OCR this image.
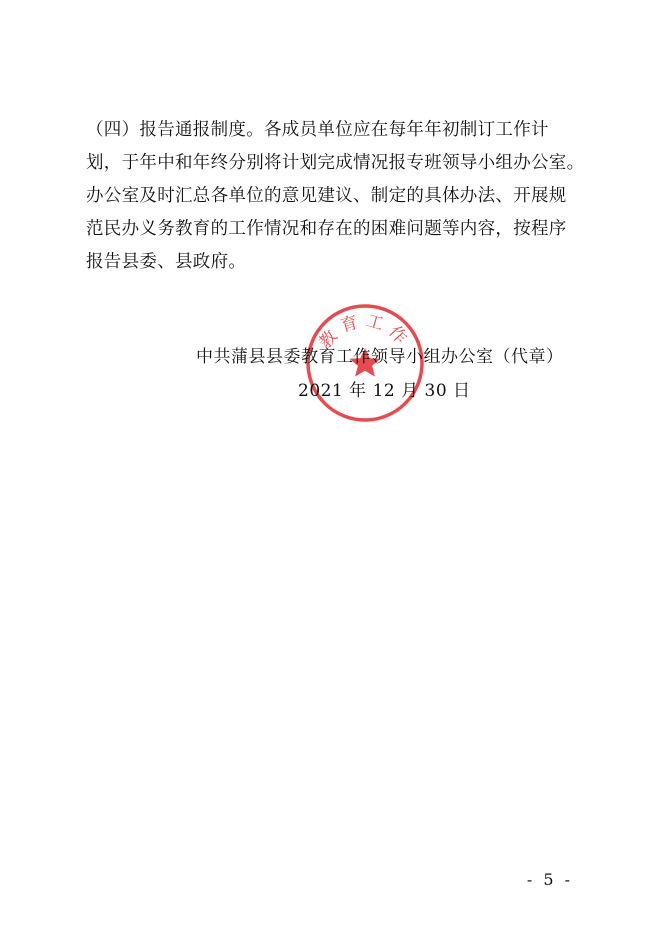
（四）报告通报制度。各成员单位应在每年年初制订工作计
划，于年中和年终分别将计划完成情况报专班领导小组办公室。
办公室及时汇总各单位的意见建议、制定的具体办法、开展规
范民办义务教育的工作情况和存在的困难问题等内容，按程序
报告县委、县政府。
教育工作
中共蒲县县委教育工作领导小组办公室（代章）
2021 年 12 月 30 日
- 5 -
